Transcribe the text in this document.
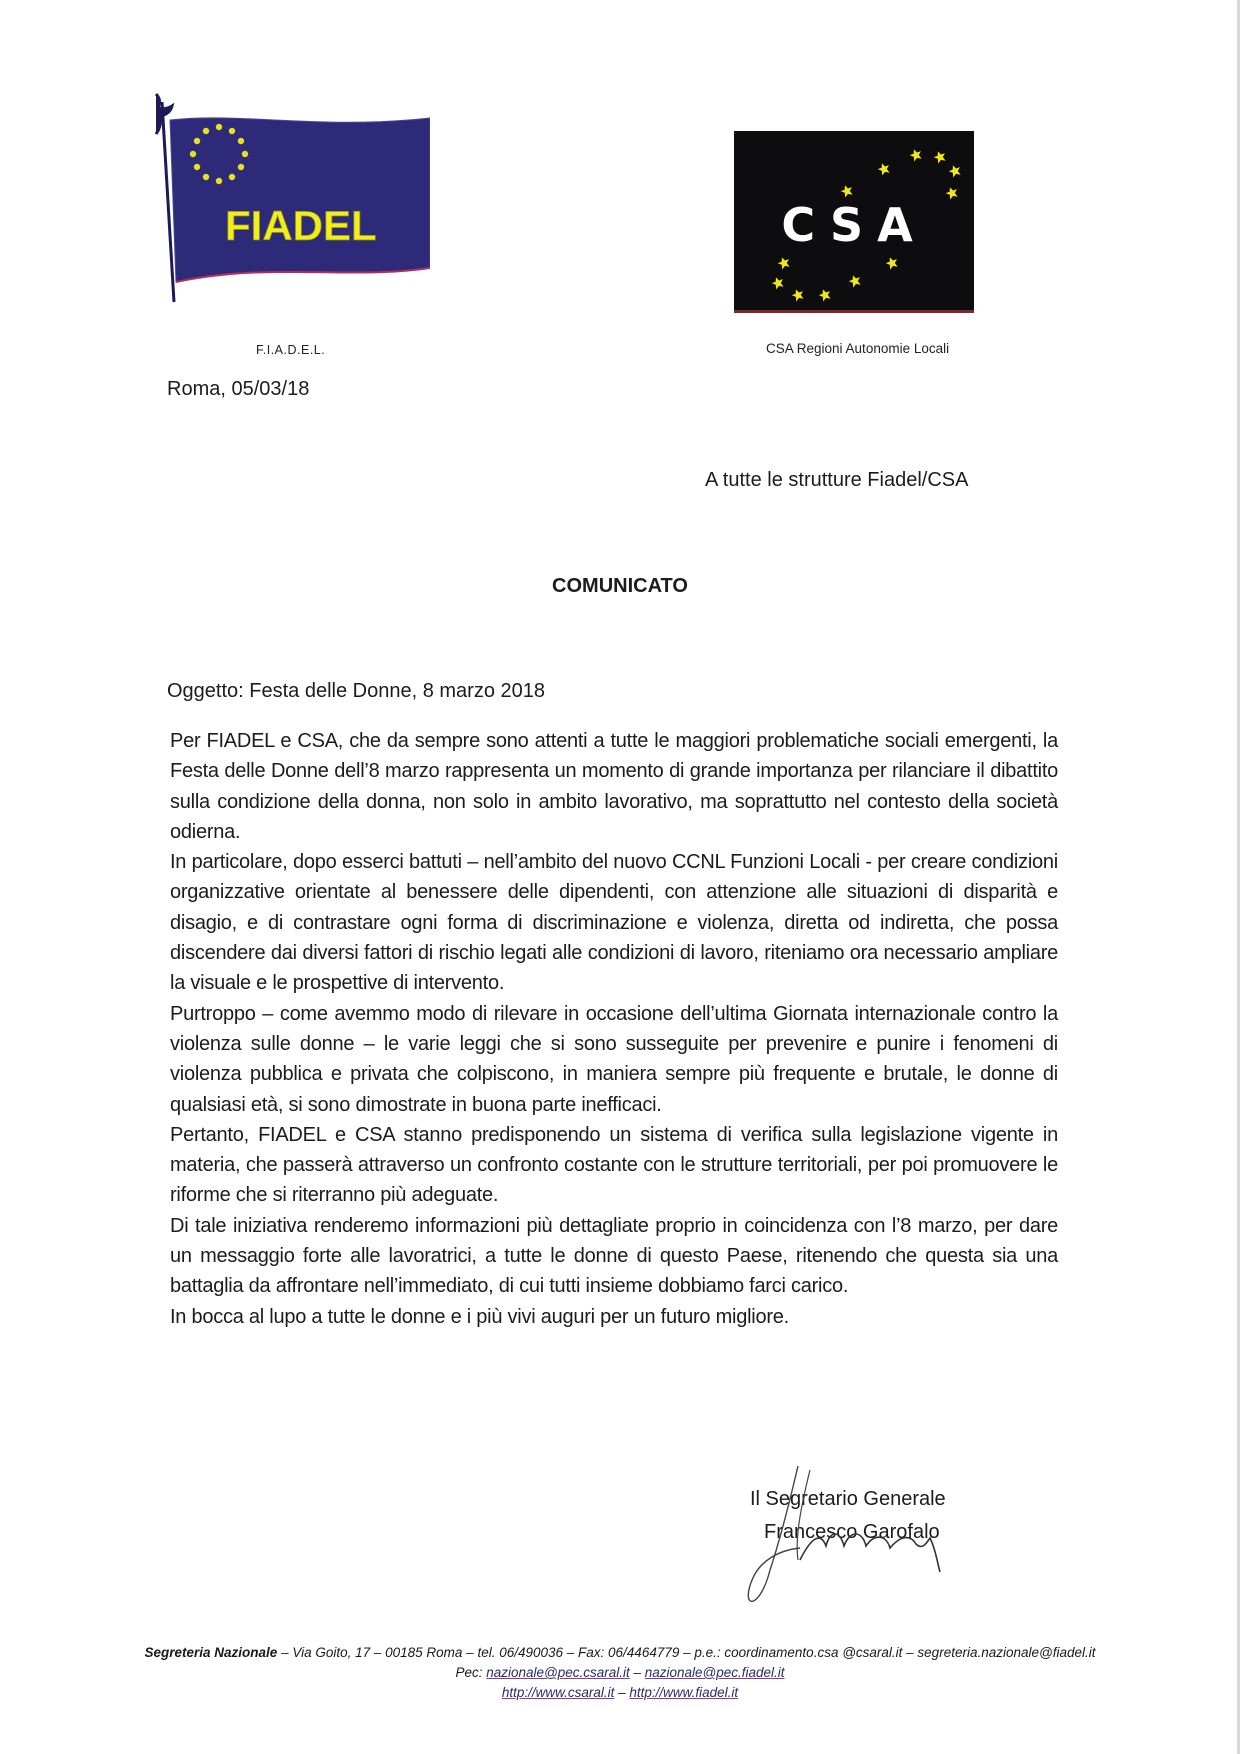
FIADEL
F.I.A.D.E.L.
CSA
CSA Regioni Autonomie Locali
Roma, 05/03/18
A tutte le strutture Fiadel/CSA
COMUNICATO
Oggetto: Festa delle Donne, 8 marzo 2018

Per FIADEL e CSA, che da sempre sono attenti a tutte le maggiori problematiche sociali emergenti, la Festa delle Donne dell’8 marzo rappresenta un momento di grande importanza per rilanciare il dibattito sulla condizione della donna, non solo in ambito lavorativo, ma soprattutto nel contesto della società odierna.

In particolare, dopo esserci battuti – nell’ambito del nuovo CCNL Funzioni Locali - per creare condizioni organizzative orientate al benessere delle dipendenti, con attenzione alle situazioni di disparità e disagio, e di contrastare ogni forma di discriminazione e violenza, diretta od indiretta, che possa discendere dai diversi fattori di rischio legati alle condizioni di lavoro, riteniamo ora necessario ampliare la visuale e le prospettive di intervento.

Purtroppo – come avemmo modo di rilevare in occasione dell’ultima Giornata internazionale contro la violenza sulle donne – le varie leggi che si sono susseguite per prevenire e punire i fenomeni di violenza pubblica e privata che colpiscono, in maniera sempre più frequente e brutale, le donne di qualsiasi età, si sono dimostrate in buona parte inefficaci.

Pertanto, FIADEL e CSA stanno predisponendo un sistema di verifica sulla legislazione vigente in materia, che passerà attraverso un confronto costante con le strutture territoriali, per poi promuovere le riforme che si riterranno più adeguate.

Di tale iniziativa renderemo informazioni più dettagliate proprio in coincidenza con l’8 marzo, per dare un messaggio forte alle lavoratrici, a tutte le donne di questo Paese, ritenendo che questa sia una battaglia da affrontare nell’immediato, di cui tutti insieme dobbiamo farci carico.

In bocca al lupo a tutte le donne e i più vivi auguri per un futuro migliore.

Il Segretario Generale
Francesco Garofalo
Segreteria Nazionale – Via Goito, 17 – 00185 Roma – tel. 06/490036 – Fax: 06/4464779 – p.e.: coordinamento.csa @csaral.it – segreteria.nazionale@fiadel.it
Pec: nazionale@pec.csaral.it – nazionale@pec.fiadel.it
http://www.csaral.it – http://www.fiadel.it
